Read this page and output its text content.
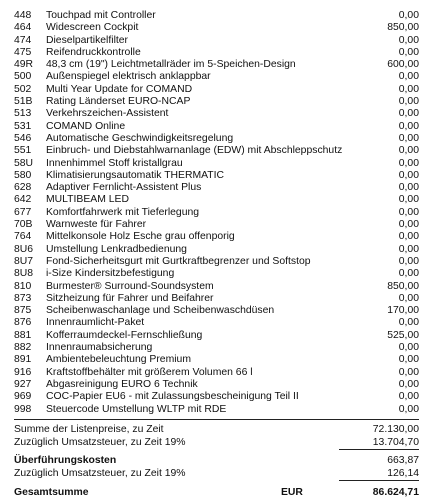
448	Touchpad mit Controller	0,00
464	Widescreen Cockpit	850,00
474	Dieselpartikelfilter	0,00
475	Reifendruckkontrolle	0,00
49R	48,3 cm (19") Leichtmetallräder im 5-Speichen-Design	600,00
500	Außenspiegel elektrisch anklappbar	0,00
502	Multi Year Update for COMAND	0,00
51B	Rating Länderset EURO-NCAP	0,00
513	Verkehrszeichen-Assistent	0,00
531	COMAND Online	0,00
546	Automatische Geschwindigkeitsregelung	0,00
551	Einbruch- und Diebstahlwarnanlage (EDW) mit Abschleppschutz	0,00
58U	Innenhimmel Stoff kristallgrau	0,00
580	Klimatisierungsautomatik THERMATIC	0,00
628	Adaptiver Fernlicht-Assistent Plus	0,00
642	MULTIBEAM LED	0,00
677	Komfortfahrwerk mit Tieferlegung	0,00
70B	Warnweste für Fahrer	0,00
764	Mittelkonsole Holz Esche grau offenporig	0,00
8U6	Umstellung Lenkradbedienung	0,00
8U7	Fond-Sicherheitsgurt mit Gurtkraftbegrenzer und Softstop	0,00
8U8	i-Size Kindersitzbefestigung	0,00
810	Burmester® Surround-Soundsystem	850,00
873	Sitzheizung für Fahrer und Beifahrer	0,00
875	Scheibenwaschanlage und Scheibenwaschdüsen	170,00
876	Innenraumlicht-Paket	0,00
881	Kofferraumdeckel-Fernschließung	525,00
882	Innenraumabsicherung	0,00
891	Ambientebeleuchtung Premium	0,00
916	Kraftstoffbehälter mit größerem Volumen 66 l	0,00
927	Abgasreinigung EURO 6 Technik	0,00
969	COC-Papier EU6 - mit Zulassungsbescheinigung Teil II	0,00
998	Steuercode Umstellung WLTP mit RDE	0,00
Summe der Listenpreise, zu Zeit	72.130,00
Zuzüglich Umsatzsteuer, zu Zeit 19%	13.704,70
Überführungskosten	663,87
Zuzüglich Umsatzsteuer, zu Zeit 19%	126,14
Gesamtsumme	EUR	86.624,71
